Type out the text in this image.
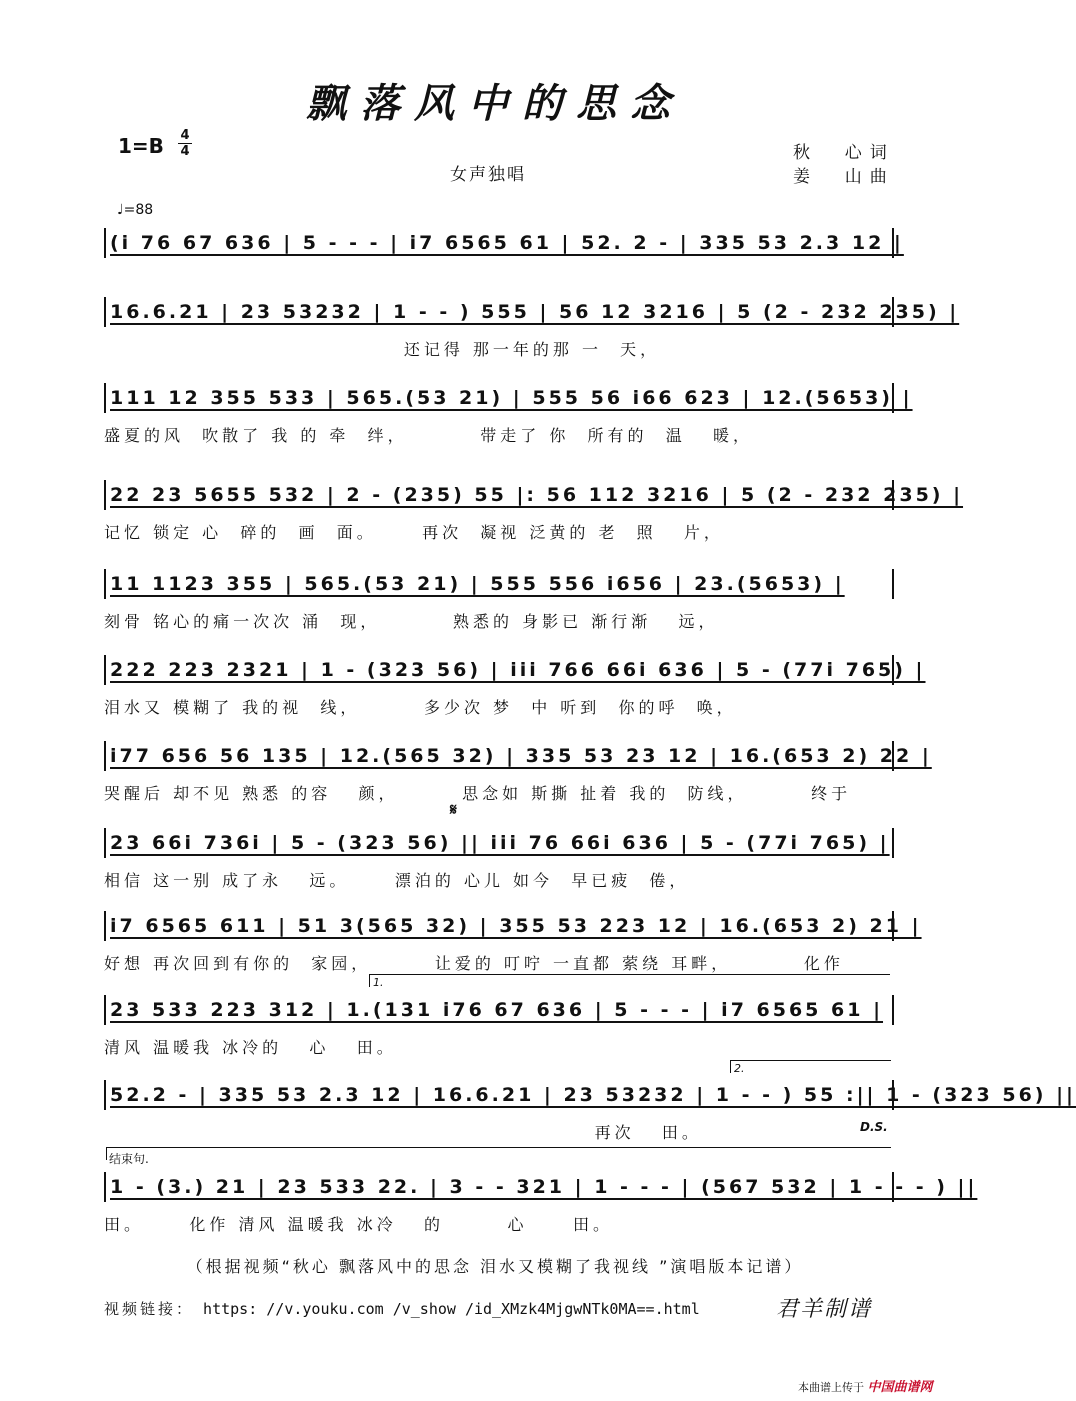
飘落风中的思念
1=B 4
4
女声独唱
秋  心词
姜  山曲
♩=88
(i 76 67 636 | 5 - - - | i7 6565 61 | 52. 2 - | 335 53 2.3 12 |
16.6.21 | 23 53232 | 1 - - ) 555 | 56 12 3216 | 5 (2 - 232 235) |
还记得 那一年的那 一  天，
111 12 355 533 | 565.(53 21) | 555 56 i66 623 | 12.(5653) |
盛夏的风  吹散了 我 的 牵  绊，        带走了 你  所有的  温   暖，
22 23 5655 532 | 2 - (235) 55 |: 56 112 3216 | 5 (2 - 232 235) |
记忆 锁定 心  碎的  画  面。     再次  凝视 泛黄的 老  照   片，
11 1123 355 | 565.(53 21) | 555 556 i656 | 23.(5653) |
刻骨 铭心的痛一次次 涌  现，        熟悉的 身影已 渐行渐   远，
222 223 2321 | 1 - (323 56) | iii 766 66i 636 | 5 - (77i 765) |
泪水又 模糊了 我的视  线，       多少次 梦  中 听到  你的呼  唤，
i77 656 56 135 | 12.(565 32) | 335 53 23 12 | 16.(653 2) 22 |
哭醒后 却不见 熟悉 的容   颜，       思念如 斯撕 扯着 我的  防线，       终于
23 66i 736i | 5 - (323 56) || iii 76 66i 636 | 5 - (77i 765) |
相信 这一别 成了永   远。     漂泊的 心儿 如今  早已疲  倦，
i7 6565 611 | 51 3(565 32) | 355 53 223 12 | 16.(653 2) 21 |
好想 再次回到有你的  家园，       让爱的 叮咛 一直都 萦绕 耳畔，        化作
23 533 223 312 | 1.(131 i76 67 636 | 5 - - - | i7 6565 61 |
清风 温暖我 冰冷的   心   田。
52.2 - | 335 53 2.3 12 | 16.6.21 | 23 53232 | 1 - - ) 55 :|| 1 - (323 56) ||
再次   田。
1 - (3.) 21 | 23 533 22. | 3 - - 321 | 1 - - - | (567 532 | 1 - - - ) ||
田。     化作 清风 温暖我 冰冷   的       心     田。
𝄋
1.
2.
D.S.
结束句.
（根据视频“秋心 飘落风中的思念 泪水又模糊了我视线 ”演唱版本记谱）
视频链接： https: //v.youku.com /v_show /id_XMzk4MjgwNTk0MA==.html	君羊制谱
本曲谱上传于 中国曲谱网
